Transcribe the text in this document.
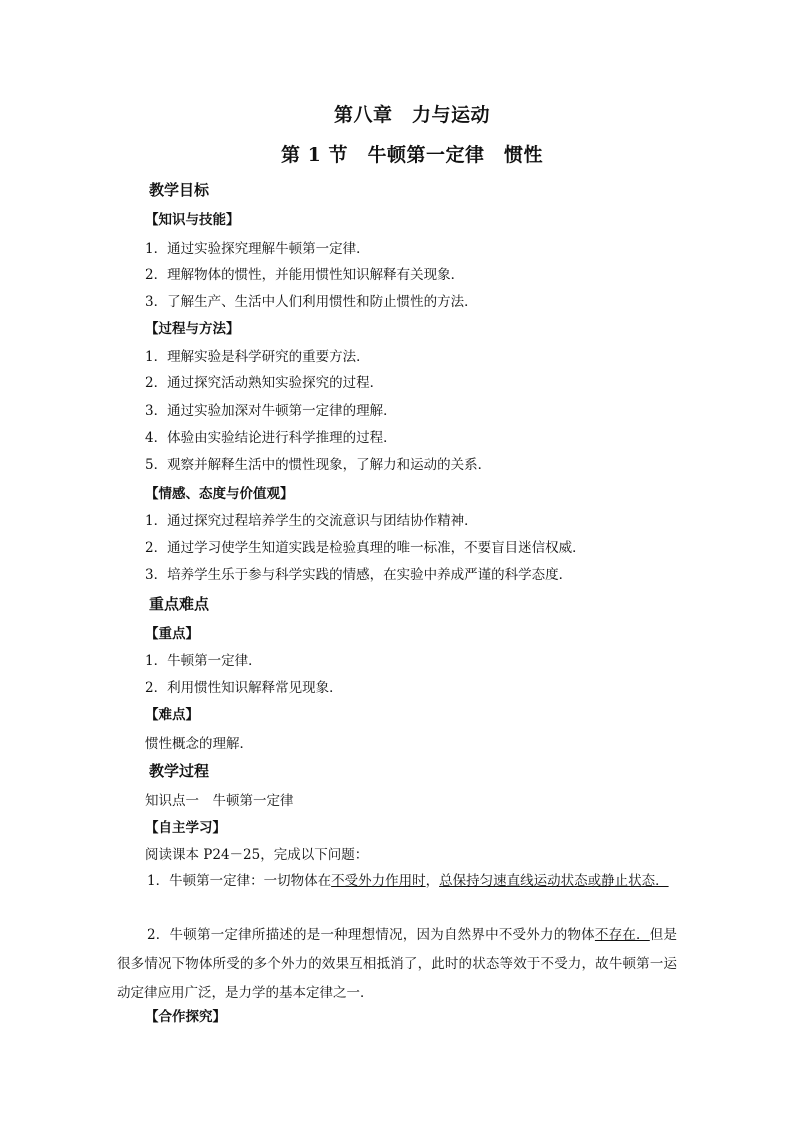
第八章　力与运动
第 1 节　牛顿第一定律　惯性
教学目标
【知识与技能】
1．通过实验探究理解牛顿第一定律．
2．理解物体的惯性，并能用惯性知识解释有关现象．
3．了解生产、生活中人们利用惯性和防止惯性的方法．
【过程与方法】
1．理解实验是科学研究的重要方法．
2．通过探究活动熟知实验探究的过程．
3．通过实验加深对牛顿第一定律的理解．
4．体验由实验结论进行科学推理的过程．
5．观察并解释生活中的惯性现象，了解力和运动的关系．
【情感、态度与价值观】
1．通过探究过程培养学生的交流意识与团结协作精神．
2．通过学习使学生知道实践是检验真理的唯一标准，不要盲目迷信权威．
3．培养学生乐于参与科学实践的情感，在实验中养成严谨的科学态度．
重点难点
【重点】
1．牛顿第一定律．
2．利用惯性知识解释常见现象．
【难点】
惯性概念的理解．
教学过程
知识点一　牛顿第一定律
【自主学习】
阅读课本 P24－25，完成以下问题：
1．牛顿第一定律：一切物体在不受外力作用时，总保持匀速直线运动状态或静止状态．
2．牛顿第一定律所描述的是一种理想情况，因为自然界中不受外力的物体不存在．但是很多情况下物体所受的多个外力的效果互相抵消了，此时的状态等效于不受力，故牛顿第一运动定律应用广泛，是力学的基本定律之一．
【合作探究】
